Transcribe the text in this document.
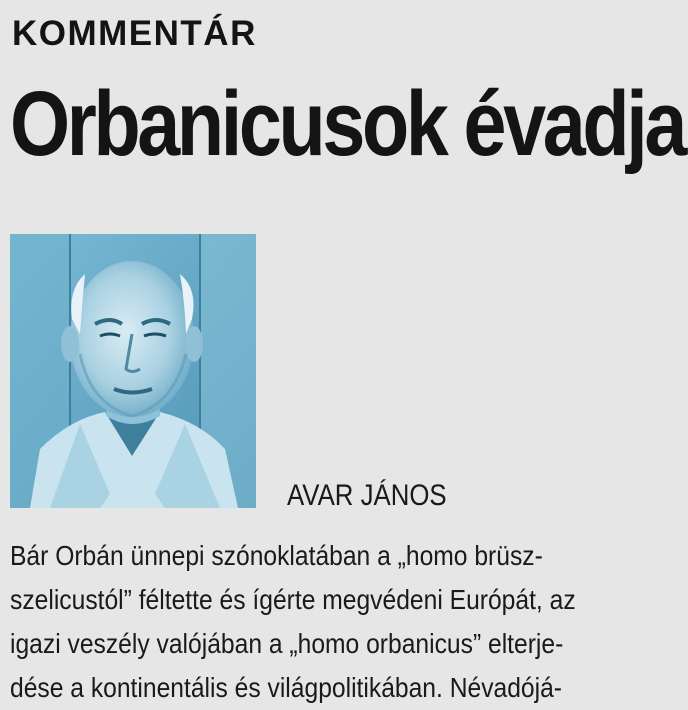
KOMMENTÁR
Orbanicusok évadja
AVAR JÁNOS
Bár Orbán ünnepi szónoklatában a „homo brüsz-
szelicustól” féltette és ígérte megvédeni Európát, az
igazi veszély valójában a „homo orbanicus” elterje-
dése a kontinentális és világpolitikában. Névadójá-
